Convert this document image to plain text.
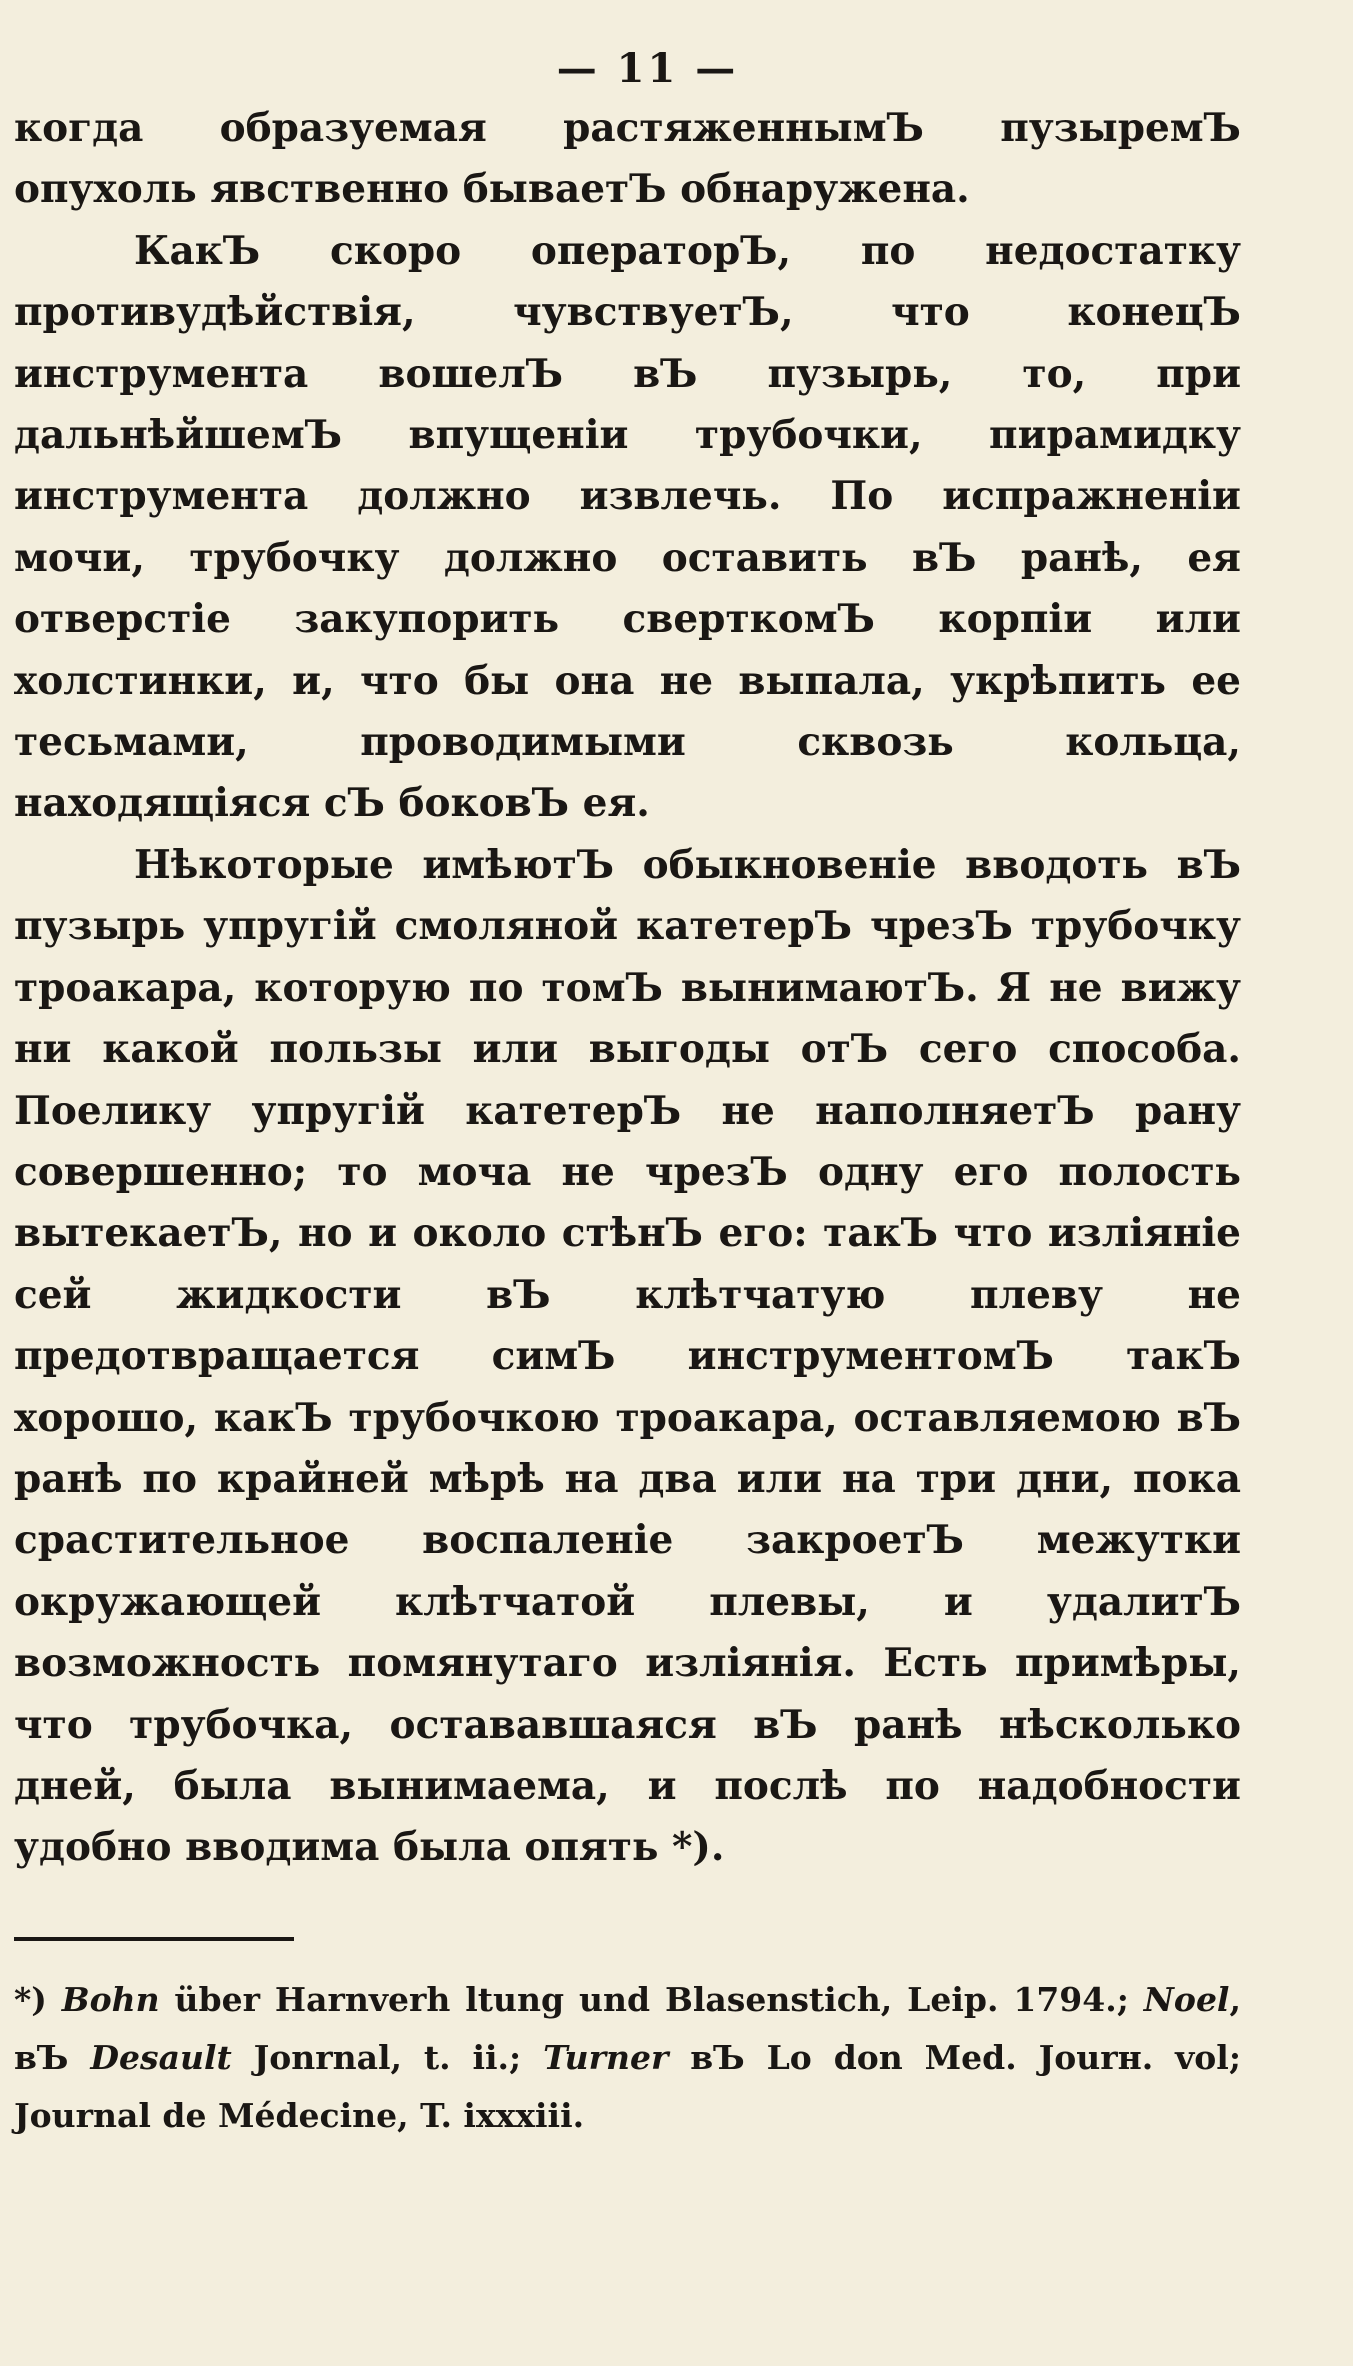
— 11 —

когда образуемая растяженнымЪ пузыремЪ опухоль явственно бываетЪ обнаружена.

КакЪ скоро операторЪ, по недостатку противудѣйствія, чувствуетЪ, что конецЪ инструмента вошелЪ вЪ пузырь, то, при дальнѣйшемЪ впущеніи трубочки, пирамидку инструмента должно извлечь. По испражненіи мочи, трубочку должно оставить вЪ ранѣ, ея отверстіе закупорить сверткомЪ корпіи или холстинки, и, что бы она не выпала, укрѣпить ее тесьмами, проводимыми сквозь кольца, находящіяся сЪ боковЪ ея.

Нѣкоторые имѣютЪ обыкновеніе вводоть вЪ пузырь упругій смоляной катетерЪ чрезЪ трубочку троакара, которую по томЪ вынимаютЪ. Я не вижу ни какой пользы или выгоды отЪ сего способа. Поелику упругій катетерЪ не наполняетЪ рану совершенно; то моча не чрезЪ одну его полость вытекаетЪ, но и около стѣнЪ его: такЪ что изліяніе сей жидкости вЪ клѣтчатую плеву не предотвращается симЪ инструментомЪ такЪ хорошо, какЪ трубочкою троакара, оставляемою вЪ ранѣ по крайней мѣрѣ на два или на три дни, пока сраститeльное воспаленіе закроетЪ межутки окружающей клѣтчатой плевы, и удалитЪ возможность помянутаго изліянія. Есть примѣры, что трубочка, остававшаяся вЪ ранѣ нѣсколько дней, была вынимаема, и послѣ по надобности удобно вводима была опять *).

*) Bohn über Harnverh ltung und Blasenstich, Leip. 1794.; Noel, вЪ Desault Jonrnal, t. ii.; Turner вЪ Lo don Med. Jourн. vol; Journal de Médecine, T. ixxxiii.
